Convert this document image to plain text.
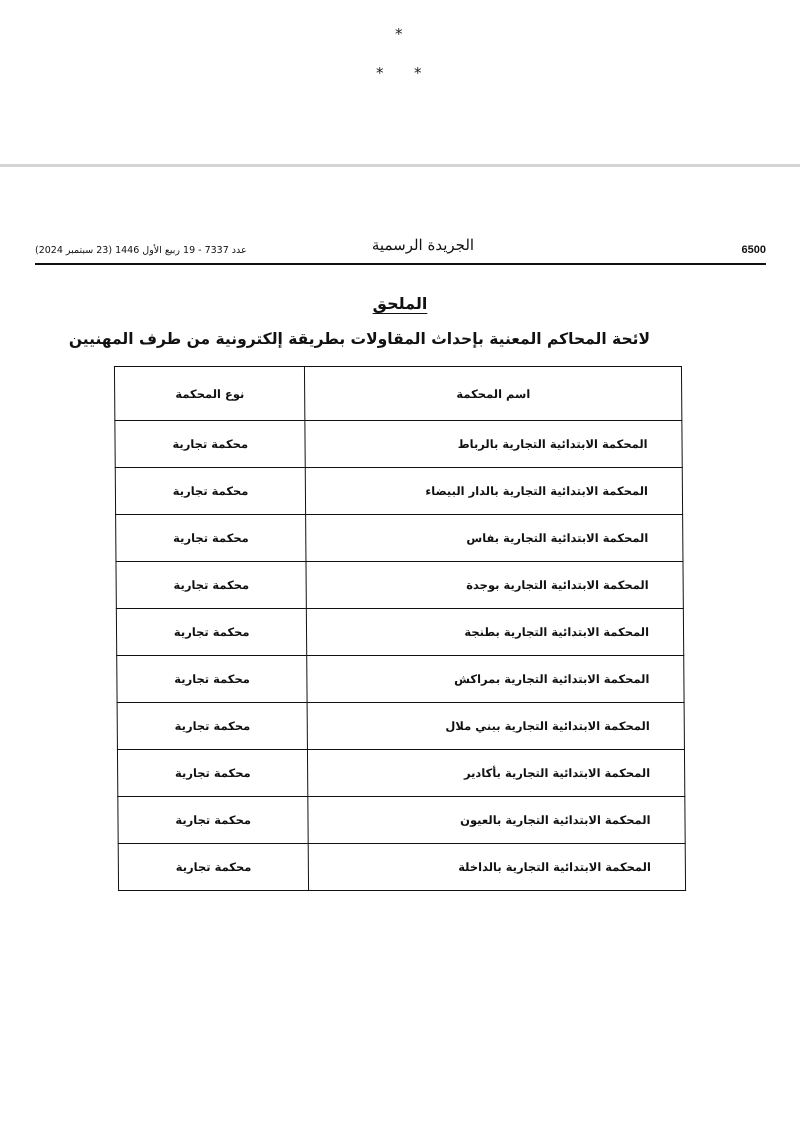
*
* *
6500
الجريدة الرسمية
عدد 7337 - 19 ربيع الأول 1446 (23 سبتمبر 2024)
الملحق
لائحة المحاكم المعنية بإحداث المقاولات بطريقة إلكترونية من طرف المهنيين
اسم المحكمة	نوع المحكمة
المحكمة الابتدائية التجارية بالرباط	محكمة تجارية
المحكمة الابتدائية التجارية بالدار البيضاء	محكمة تجارية
المحكمة الابتدائية التجارية بفاس	محكمة تجارية
المحكمة الابتدائية التجارية بوجدة	محكمة تجارية
المحكمة الابتدائية التجارية بطنجة	محكمة تجارية
المحكمة الابتدائية التجارية بمراكش	محكمة تجارية
المحكمة الابتدائية التجارية ببني ملال	محكمة تجارية
المحكمة الابتدائية التجارية بأكادير	محكمة تجارية
المحكمة الابتدائية التجارية بالعيون	محكمة تجارية
المحكمة الابتدائية التجارية بالداخلة	محكمة تجارية
